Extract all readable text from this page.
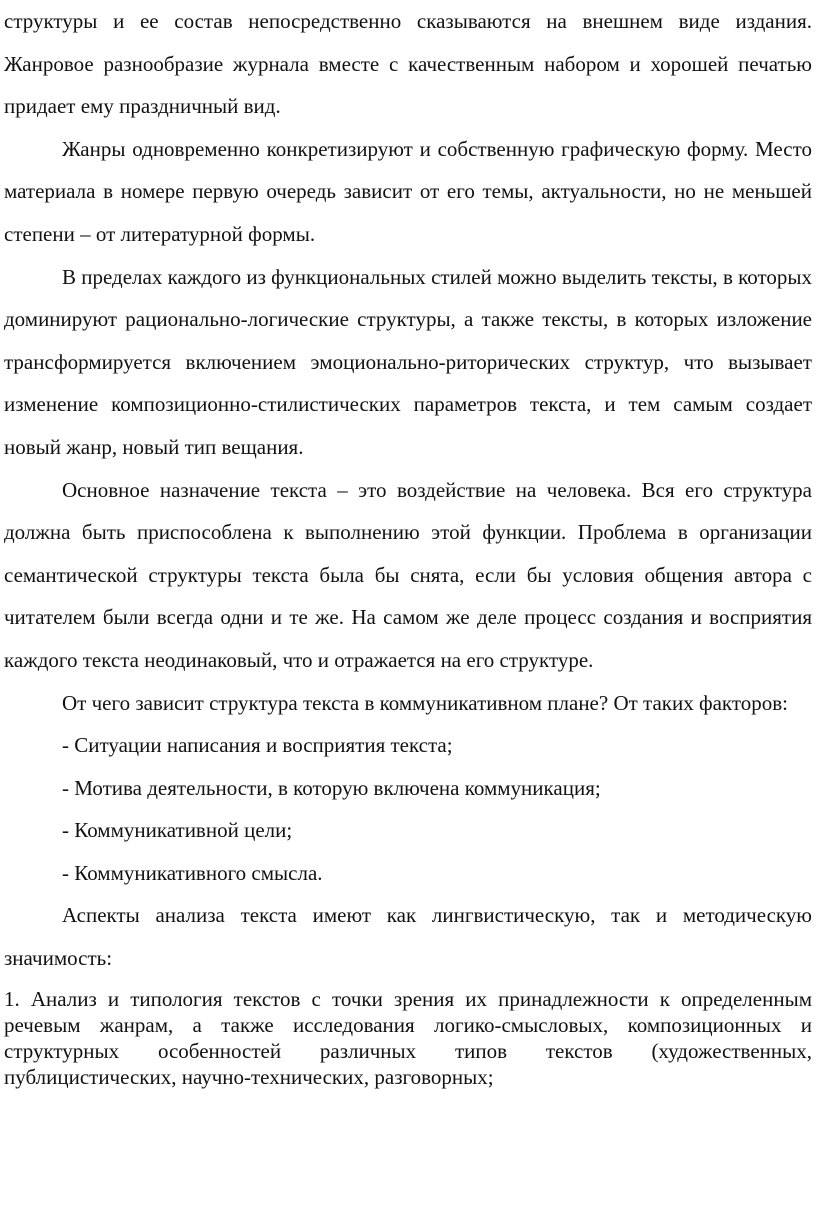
структуры и ее состав непосредственно сказываются на внешнем виде издания. Жанровое разнообразие журнала вместе с качественным набором и хорошей печатью придает ему праздничный вид.

Жанры одновременно конкретизируют и собственную графическую форму. Место материала в номере первую очередь зависит от его темы, актуальности, но не меньшей степени – от литературной формы.

В пределах каждого из функциональных стилей можно выделить тексты, в которых доминируют рационально-логические структуры, а также тексты, в которых изложение трансформируется включением эмоционально-риторических структур, что вызывает изменение композиционно-стилистических параметров текста, и тем самым создает новый жанр, новый тип вещания.

Основное назначение текста – это воздействие на человека. Вся его структура должна быть приспособлена к выполнению этой функции. Проблема в организации семантической структуры текста была бы снята, если бы условия общения автора с читателем были всегда одни и те же. На самом же деле процесс создания и восприятия каждого текста неодинаковый, что и отражается на его структуре.

От чего зависит структура текста в коммуникативном плане? От таких факторов:

- Ситуации написания и восприятия текста;

- Мотива деятельности, в которую включена коммуникация;

- Коммуникативной цели;

- Коммуникативного смысла.

Аспекты анализа текста имеют как лингвистическую, так и методическую значимость:

1. Анализ и типология текстов с точки зрения их принадлежности к определенным речевым жанрам, а также исследования логико-смысловых, композиционных и структурных особенностей различных типов текстов (художественных, публицистических, научно-технических, разговорных;
